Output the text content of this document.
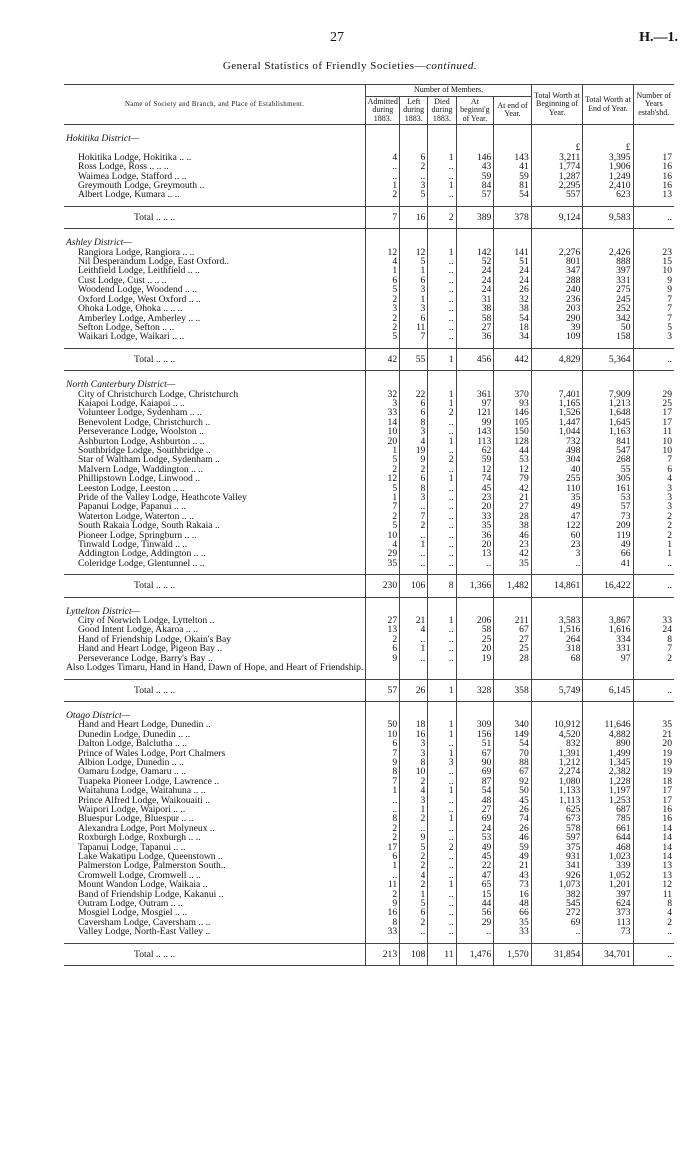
27	H.—1.
General Statistics of Friendly Societies—continued.
Name of Society and Branch, and Place of Establishment.	Number of Members.					Total Worth at Beginning of Year.	Total Worth at End of Year.	Number of Years estab'shd.
	Admitted during 1883.	Left during 1883.	Died during 1883.	At beginni'g of Year.	At end of Year.			
Hokitika District—								
						£	£	
Hokitika Lodge, Hokitika .. ..	4	6	1	146	143	3,211	3,395	17
Ross Lodge, Ross .. .. ..	..	2	..	43	41	1,774	1,906	16
Waimea Lodge, Stafford .. ..	..	..	..	59	59	1,287	1,249	16
Greymouth Lodge, Greymouth ..	1	3	1	84	81	2,295	2,410	16
Albert Lodge, Kumara .. ..	2	5	..	57	54	557	623	13

Total .. .. ..	7	16	2	389	378	9,124	9,583	..
Ashley District—								
Rangiora Lodge, Rangiora .. ..	12	12	1	142	141	2,276	2,426	23
Nil Desperandum Lodge, East Oxford..	4	5	..	52	51	801	888	15
Leithfield Lodge, Leithfield .. ..	1	1	..	24	24	347	397	10
Cust Lodge, Cust .. .. ..	6	6	..	24	24	288	331	9
Woodend Lodge, Woodend .. ..	5	3	..	24	26	240	275	9
Oxford Lodge, West Oxford .. ..	2	1	..	31	32	236	245	7
Ohoka Lodge, Ohoka .. .. ..	3	3	..	38	38	203	252	7
Amberley Lodge, Amberley .. ..	2	6	..	58	54	290	342	7
Sefton Lodge, Sefton .. ..	2	11	..	27	18	39	50	5
Waikari Lodge, Waikari .. ..	5	7	..	36	34	109	158	3

Total .. .. ..	42	55	1	456	442	4,829	5,364	..
North Canterbury District—								
City of Christchurch Lodge, Christchurch	32	22	1	361	370	7,401	7,909	29
Kaiapoi Lodge, Kaiapoi .. ..	3	6	1	97	93	1,165	1,213	25
Volunteer Lodge, Sydenham .. ..	33	6	2	121	146	1,526	1,648	17
Benevolent Lodge, Christchurch ..	14	8	..	99	105	1,447	1,645	17
Perseverance Lodge, Woolston ..	10	3	..	143	150	1,044	1,163	11
Ashburton Lodge, Ashburton .. ..	20	4	1	113	128	732	841	10
Southbridge Lodge, Southbridge ..	1	19	..	62	44	498	547	10
Star of Waltham Lodge, Sydenham ..	5	9	2	59	53	304	268	7
Malvern Lodge, Waddington .. ..	2	2	..	12	12	40	55	6
Phillipstown Lodge, Linwood ..	12	6	1	74	79	255	305	4
Leeston Lodge, Leeston .. ..	5	8	..	45	42	110	161	3
Pride of the Valley Lodge, Heathcote Valley	1	3	..	23	21	35	53	3
Papanui Lodge, Papanui .. ..	7	..	..	20	27	49	57	3
Waterton Lodge, Waterton .. ..	2	7	..	33	28	47	73	2
South Rakaia Lodge, South Rakaia ..	5	2	..	35	38	122	209	2
Pioneer Lodge, Springburn .. ..	10	..	..	36	46	60	119	2
Tinwald Lodge, Tinwald .. ..	4	1	..	20	23	23	49	1
Addington Lodge, Addington .. ..	29	..	..	13	42	3	66	1
Coleridge Lodge, Glentunnel .. ..	35	..	..	..	35	..	41	..

Total .. .. ..	230	106	8	1,366	1,482	14,861	16,422	..
Lyttelton District—								
City of Norwich Lodge, Lyttelton ..	27	21	1	206	211	3,583	3,867	33
Good Intent Lodge, Akaroa .. ..	13	4	..	58	67	1,516	1,616	24
Hand of Friendship Lodge, Okain's Bay	2	..	..	25	27	264	334	8
Hand and Heart Lodge, Pigeon Bay ..	6	1	..	20	25	318	331	7
Perseverance Lodge, Barry's Bay ..	9	..	..	19	28	68	97	2
Also Lodges Timaru, Hand in Hand, Dawn of Hope, and Heart of Friendship.								

Total .. .. ..	57	26	1	328	358	5,749	6,145	..
Otago District—								
Hand and Heart Lodge, Dunedin ..	50	18	1	309	340	10,912	11,646	35
Dunedin Lodge, Dunedin .. ..	10	16	1	156	149	4,520	4,882	21
Dalton Lodge, Balclutha .. ..	6	3	..	51	54	832	890	20
Prince of Wales Lodge, Port Chalmers	7	3	1	67	70	1,391	1,499	19
Albion Lodge, Dunedin .. ..	9	8	3	90	88	1,212	1,345	19
Oamaru Lodge, Oamaru .. ..	8	10	..	69	67	2,274	2,382	19
Tuapeka Pioneer Lodge, Lawrence ..	7	2	..	87	92	1,080	1,228	18
Waitahuna Lodge, Waitahuna .. ..	1	4	1	54	50	1,133	1,197	17
Prince Alfred Lodge, Waikouaiti ..	..	3	..	48	45	1,113	1,253	17
Waipori Lodge, Waipori .. ..	..	1	..	27	26	625	687	16
Bluespur Lodge, Bluespur .. ..	8	2	1	69	74	673	785	16
Alexandra Lodge, Port Molyneux ..	2	..	..	24	26	578	661	14
Roxburgh Lodge, Roxburgh .. ..	2	9	..	53	46	597	644	14
Tapanui Lodge, Tapanui .. ..	17	5	2	49	59	375	468	14
Lake Wakatipu Lodge, Queenstown ..	6	2	..	45	49	931	1,023	14
Palmerston Lodge, Palmerston South..	1	2	..	22	21	341	339	13
Cromwell Lodge, Cromwell .. ..	..	4	..	47	43	926	1,052	13
Mount Wandon Lodge, Waikaia ..	11	2	1	65	73	1,073	1,201	12
Band of Friendship Lodge, Kakanui ..	2	1	..	15	16	382	397	11
Outram Lodge, Outram .. ..	9	5	..	44	48	545	624	8
Mosgiel Lodge, Mosgiel .. ..	16	6	..	56	66	272	373	4
Caversham Lodge, Caversham .. ..	8	2	..	29	35	69	113	2
Valley Lodge, North-East Valley ..	33	..	..	..	33	..	73	..

Total .. .. ..	213	108	11	1,476	1,570	31,854	34,701	..
